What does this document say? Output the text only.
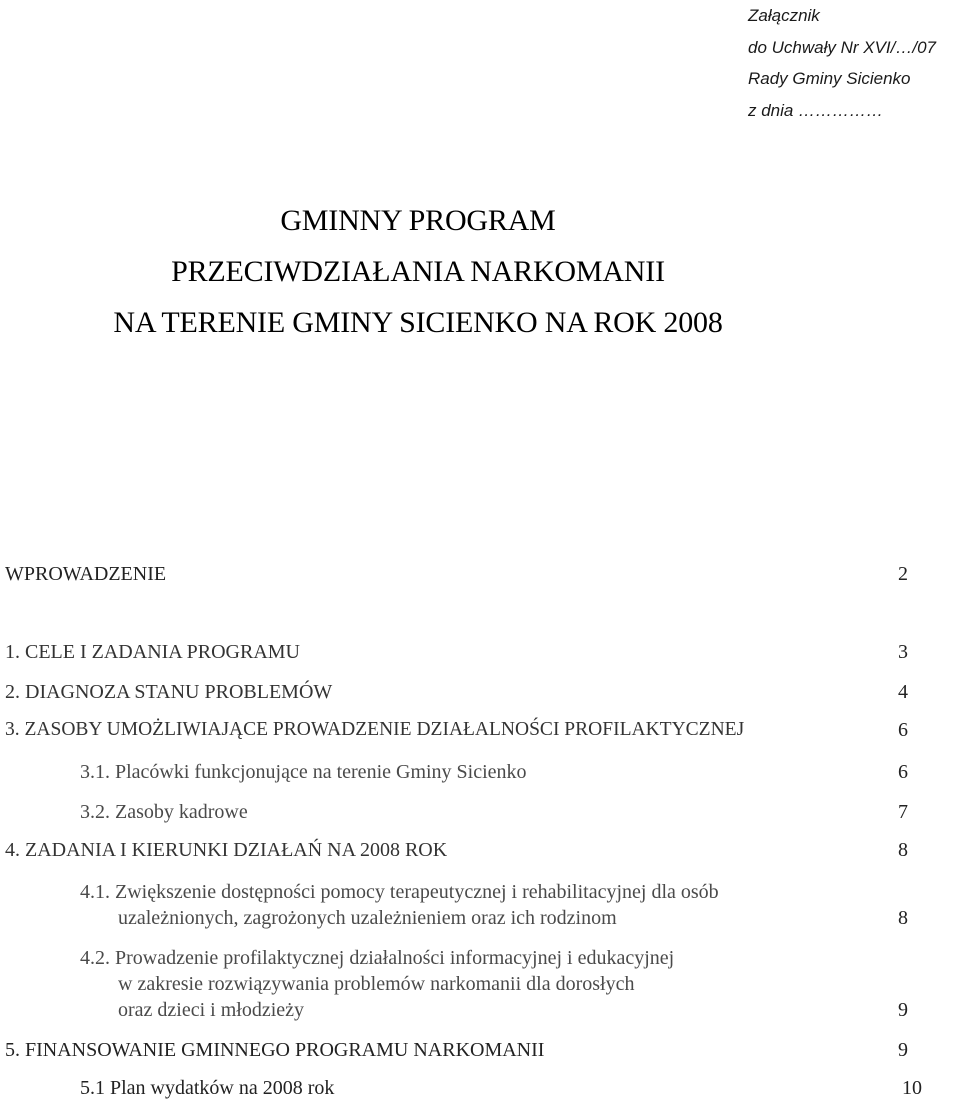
Załącznik
do Uchwały Nr XVI/…/07
Rady Gminy Sicienko
z dnia ……………
GMINNY PROGRAM
PRZECIWDZIAŁANIA NARKOMANII
NA TERENIE GMINY SICIENKO NA ROK 2008
WPROWADZENIE	2
1. CELE I ZADANIA PROGRAMU	3
2. DIAGNOZA STANU PROBLEMÓW	4
3. ZASOBY UMOŻLIWIAJĄCE PROWADZENIE DZIAŁALNOŚCI PROFILAKTYCZNEJ	6
3.1. Placówki funkcjonujące na terenie Gminy Sicienko	6
3.2. Zasoby kadrowe	7
4. ZADANIA I KIERUNKI DZIAŁAŃ NA 2008 ROK	8
4.1. Zwiększenie dostępności pomocy terapeutycznej i rehabilitacyjnej dla osób
uzależnionych, zagrożonych uzależnieniem oraz ich rodzinom	8
4.2. Prowadzenie profilaktycznej działalności informacyjnej i edukacyjnej
w zakresie rozwiązywania problemów narkomanii dla dorosłych
oraz dzieci i młodzieży	9
5. FINANSOWANIE GMINNEGO PROGRAMU NARKOMANII	9
5.1 Plan wydatków na 2008 rok	10
